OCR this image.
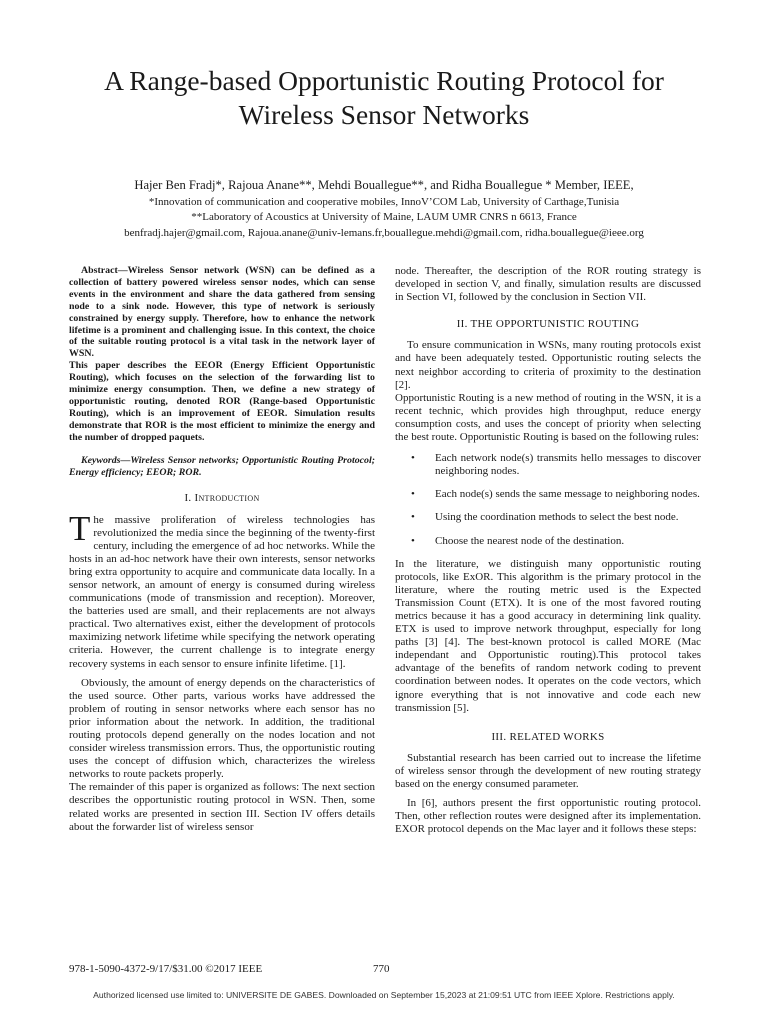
A Range-based Opportunistic Routing Protocol for
Wireless Sensor Networks
Hajer Ben Fradj*, Rajoua Anane**, Mehdi Bouallegue**, and Ridha Bouallegue * Member, IEEE,
*Innovation of communication and cooperative mobiles, InnoV’COM Lab, University of Carthage,Tunisia
**Laboratory of Acoustics at University of Maine, LAUM UMR CNRS n 6613, France
benfradj.hajer@gmail.com, Rajoua.anane@univ-lemans.fr,bouallegue.mehdi@gmail.com, ridha.bouallegue@ieee.org

Abstract—Wireless Sensor network (WSN) can be defined as a collection of battery powered wireless sensor nodes, which can sense events in the environment and share the data gathered from sensing node to a sink node. However, this type of network is seriously constrained by energy supply. Therefore, how to enhance the network lifetime is a prominent and challenging issue. In this context, the choice of the suitable routing protocol is a vital task in the network layer of WSN.

This paper describes the EEOR (Energy Efficient Opportunistic Routing), which focuses on the selection of the forwarding list to minimize energy consumption. Then, we define a new strategy of opportunistic routing, denoted ROR (Range-based Opportunistic Routing), which is an improvement of EEOR. Simulation results demonstrate that ROR is the most efficient to minimize the energy and the number of dropped paquets.

Keywords—Wireless Sensor networks; Opportunistic Routing Protocol; Energy efficiency; EEOR; ROR.

I. Introduction

The massive proliferation of wireless technologies has revolutionized the media since the beginning of the twenty-first century, including the emergence of ad hoc networks. While the hosts in an ad-hoc network have their own interests, sensor networks bring extra opportunity to acquire and communicate data locally. In a sensor network, an amount of energy is consumed during wireless communications (mode of transmission and reception). Moreover, the batteries used are small, and their replacements are not always practical. Two alternatives exist, either the development of protocols maximizing network lifetime while specifying the network operating criteria. However, the current challenge is to integrate energy recovery systems in each sensor to ensure infinite lifetime. [1].

Obviously, the amount of energy depends on the characteristics of the used source. Other parts, various works have addressed the problem of routing in sensor networks where each sensor has no prior information about the network. In addition, the traditional routing protocols depend generally on the nodes location and not consider wireless transmission errors. Thus, the opportunistic routing uses the concept of diffusion which, characterizes the wireless networks to route packets properly.

The remainder of this paper is organized as follows: The next section describes the opportunistic routing protocol in WSN. Then, some related works are presented in section III. Section IV offers details about the forwarder list of wireless sensor

node. Thereafter, the description of the ROR routing strategy is developed in section V, and finally, simulation results are discussed in Section VI, followed by the conclusion in Section VII.

II. THE OPPORTUNISTIC ROUTING

To ensure communication in WSNs, many routing protocols exist and have been adequately tested. Opportunistic routing selects the next neighbor according to criteria of proximity to the destination [2].

Opportunistic Routing is a new method of routing in the WSN, it is a recent technic, which provides high throughput, reduce energy consumption costs, and uses the concept of priority when selecting the best route. Opportunistic Routing is based on the following rules:

• Each network node(s) transmits hello messages to discover neighboring nodes.
• Each node(s) sends the same message to neighboring nodes.
• Using the coordination methods to select the best node.
• Choose the nearest node of the destination.

In the literature, we distinguish many opportunistic routing protocols, like ExOR. This algorithm is the primary protocol in the literature, where the routing metric used is the Expected Transmission Count (ETX). It is one of the most favored routing metrics because it has a good accuracy in determining link quality. ETX is used to improve network throughput, especially for long paths [3] [4]. The best-known protocol is called MORE (Mac independant and Opportunistic routing).This protocol takes advantage of the benefits of random network coding to prevent coordination between nodes. It operates on the code vectors, which ignore everything that is not innovative and code each new transmission [5].

III. RELATED WORKS

Substantial research has been carried out to increase the lifetime of wireless sensor through the development of new routing strategy based on the energy consumed parameter.

In [6], authors present the first opportunistic routing protocol. Then, other reflection routes were designed after its implementation. EXOR protocol depends on the Mac layer and it follows these steps:

978-1-5090-4372-9/17/$31.00 ©2017 IEEE	770
Authorized licensed use limited to: UNIVERSITE DE GABES. Downloaded on September 15,2023 at 21:09:51 UTC from IEEE Xplore. Restrictions apply.
